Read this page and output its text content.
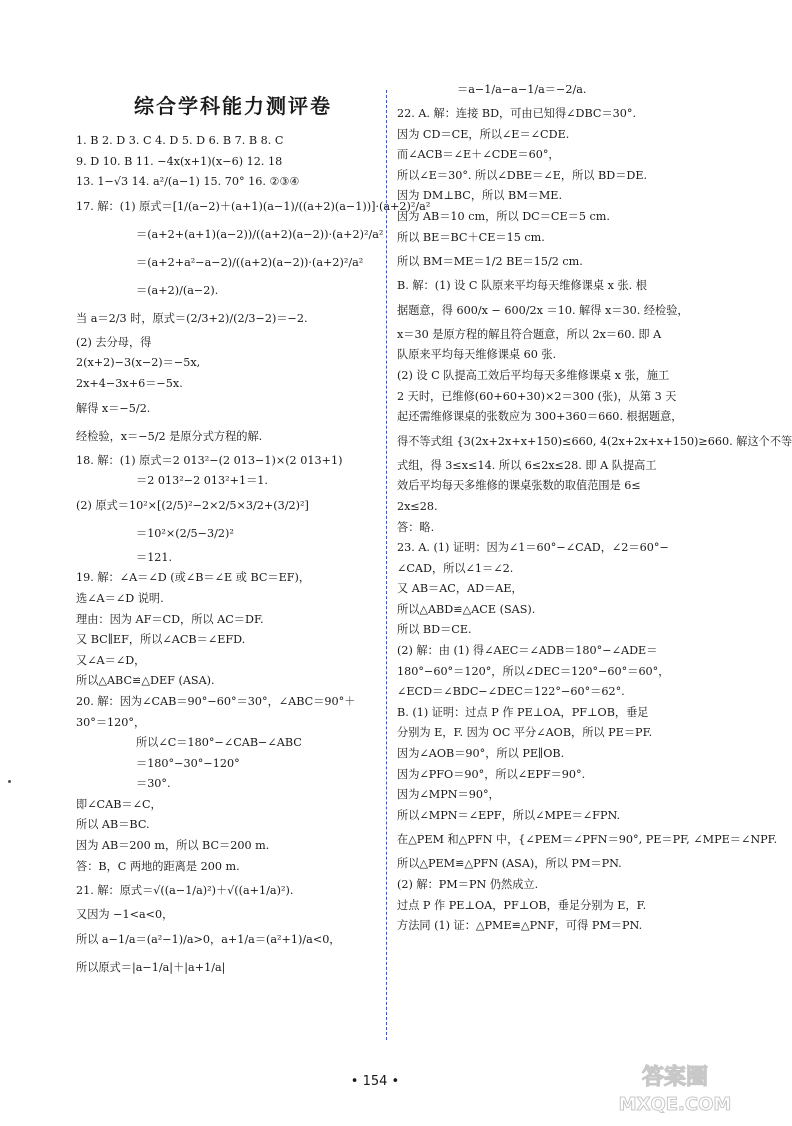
综合学科能力测评卷
1. B 2. D 3. C 4. D 5. D 6. B 7. B 8. C
9. D 10. B 11. −4x(x+1)(x−6) 12. 18
13. 1−√3 14. a²/(a−1) 15. 70° 16. ②③④
17. 解：(1) 原式＝[1/(a−2)＋(a+1)(a−1)/((a+2)(a−1))]·(a+2)²/a²
＝(a+2+(a+1)(a−2))/((a+2)(a−2))·(a+2)²/a²
＝(a+2+a²−a−2)/((a+2)(a−2))·(a+2)²/a²
＝(a+2)/(a−2).
当 a＝2/3 时，原式＝(2/3+2)/(2/3−2)＝−2.
(2) 去分母，得
2(x+2)−3(x−2)＝−5x,
2x+4−3x+6＝−5x.
解得 x＝−5/2.
经检验，x＝−5/2 是原分式方程的解.
18. 解：(1) 原式＝2 013²−(2 013−1)×(2 013+1)
＝2 013²−2 013²+1＝1.
(2) 原式＝10²×[(2/5)²−2×2/5×3/2+(3/2)²]
＝10²×(2/5−3/2)²
＝121.
19. 解：∠A＝∠D (或∠B＝∠E 或 BC＝EF)，
选∠A＝∠D 说明.
理由：因为 AF＝CD，所以 AC＝DF.
又 BC∥EF，所以∠ACB＝∠EFD.
又∠A＝∠D，
所以△ABC≌△DEF (ASA).
20. 解：因为∠CAB＝90°−60°＝30°，∠ABC＝90°＋
30°＝120°，
所以∠C＝180°−∠CAB−∠ABC
＝180°−30°−120°
＝30°.
即∠CAB＝∠C，
所以 AB＝BC.
因为 AB＝200 m，所以 BC＝200 m.
答：B，C 两地的距离是 200 m.
21. 解：原式＝√((a−1/a)²)＋√((a+1/a)²).
又因为 −1<a<0，
所以 a−1/a＝(a²−1)/a>0，a+1/a＝(a²+1)/a<0，
所以原式＝|a−1/a|＋|a+1/a|
＝a−1/a−a−1/a＝−2/a.
22. A. 解：连接 BD，可由已知得∠DBC＝30°.
因为 CD＝CE，所以∠E＝∠CDE.
而∠ACB＝∠E＋∠CDE＝60°，
所以∠E＝30°. 所以∠DBE＝∠E，所以 BD＝DE.
因为 DM⊥BC，所以 BM＝ME.
因为 AB＝10 cm，所以 DC＝CE＝5 cm.
所以 BE＝BC＋CE＝15 cm.
所以 BM＝ME＝1/2 BE＝15/2 cm.
B. 解：(1) 设 C 队原来平均每天维修课桌 x 张. 根
据题意，得 600/x − 600/2x ＝10. 解得 x＝30. 经检验，
x＝30 是原方程的解且符合题意，所以 2x＝60. 即 A
队原来平均每天维修课桌 60 张.
(2) 设 C 队提高工效后平均每天多维修课桌 x 张，施工
2 天时，已维修(60+60+30)×2＝300 (张)，从第 3 天
起还需维修课桌的张数应为 300+360＝660. 根据题意，
得不等式组 {3(2x+2x+x+150)≤660, 4(2x+2x+x+150)≥660. 解这个不等
式组，得 3≤x≤14. 所以 6≤2x≤28. 即 A 队提高工
效后平均每天多维修的课桌张数的取值范围是 6≤
2x≤28.
答：略.
23. A. (1) 证明：因为∠1＝60°−∠CAD，∠2＝60°−
∠CAD，所以∠1＝∠2.
又 AB＝AC，AD＝AE，
所以△ABD≌△ACE (SAS).
所以 BD＝CE.
(2) 解：由 (1) 得∠AEC＝∠ADB＝180°−∠ADE＝
180°−60°＝120°，所以∠DEC＝120°−60°＝60°，
∠ECD＝∠BDC−∠DEC＝122°−60°＝62°.
B. (1) 证明：过点 P 作 PE⊥OA，PF⊥OB，垂足
分别为 E，F. 因为 OC 平分∠AOB，所以 PE＝PF.
因为∠AOB＝90°，所以 PE∥OB.
因为∠PFO＝90°，所以∠EPF＝90°.
因为∠MPN＝90°，
所以∠MPN＝∠EPF，所以∠MPE＝∠FPN.
在△PEM 和△PFN 中，{∠PEM＝∠PFN＝90°, PE＝PF, ∠MPE＝∠NPF.
所以△PEM≌△PFN (ASA)，所以 PM＝PN.
(2) 解：PM＝PN 仍然成立.
过点 P 作 PE⊥OA，PF⊥OB，垂足分别为 E，F.
方法同 (1) 证：△PME≌△PNF，可得 PM＝PN.
• 154 •	答案圈
MXQE.COM
